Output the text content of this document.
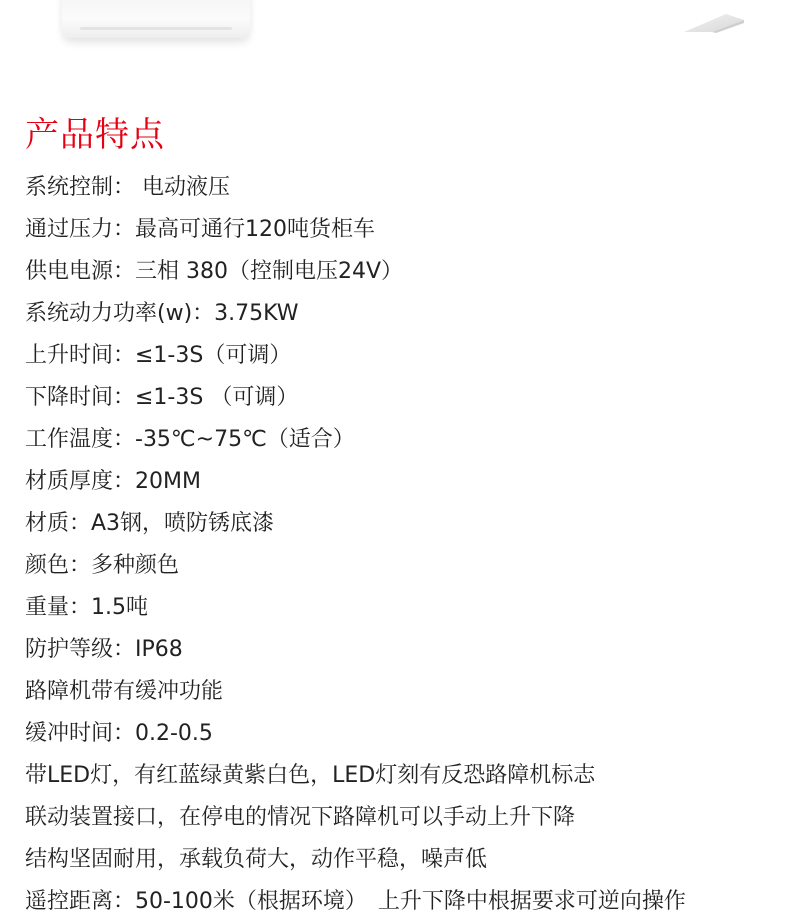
产品特点
系统控制： 电动液压
通过压力：最高可通行120吨货柜车
供电电源：三相 380（控制电压24V）
系统动力功率(w)：3.75KW
上升时间：≤1-3S（可调）
下降时间：≤1-3S （可调）
工作温度：-35℃~75℃（适合）
材质厚度：20MM
材质：A3钢，喷防锈底漆
颜色：多种颜色
重量：1.5吨
防护等级：IP68
路障机带有缓冲功能
缓冲时间：0.2-0.5
带LED灯，有红蓝绿黄紫白色，LED灯刻有反恐路障机标志
联动装置接口，在停电的情况下路障机可以手动上升下降
结构坚固耐用，承载负荷大，动作平稳，噪声低
遥控距离：50-100米（根据环境）　上升下降中根据要求可逆向操作
